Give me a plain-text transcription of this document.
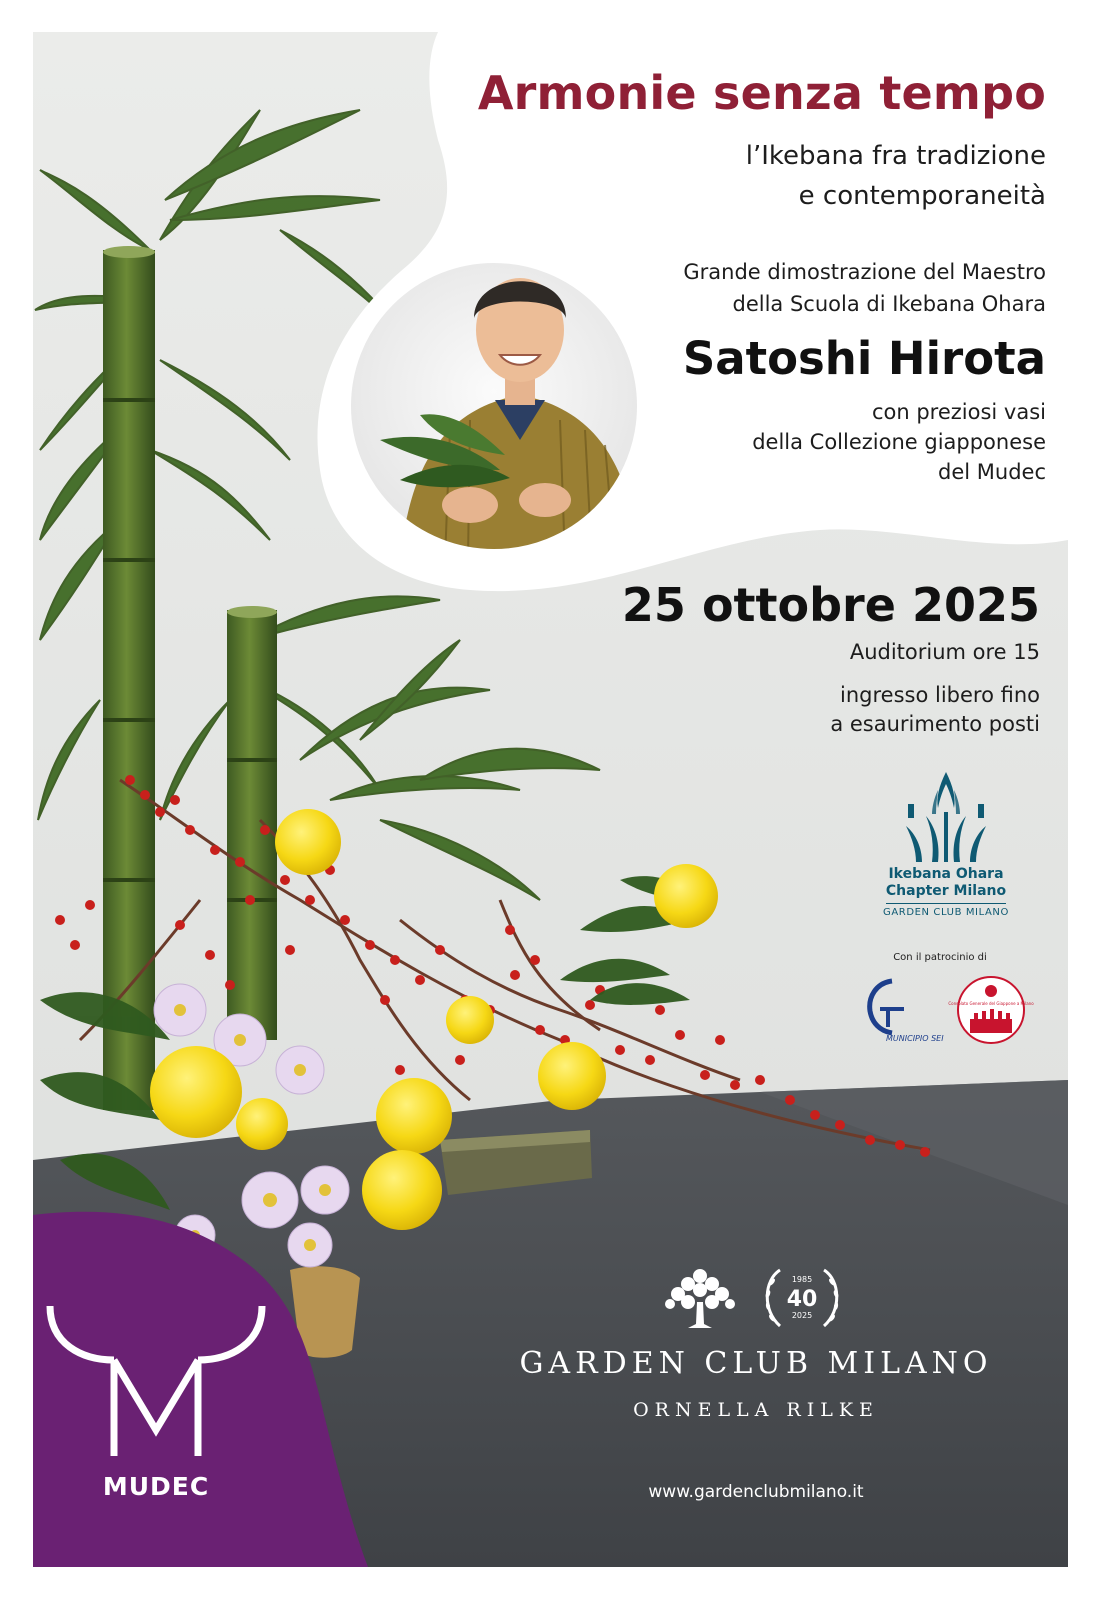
Armonie senza tempo

l’Ikebana fra tradizione

e contemporaneità

Grande dimostrazione del Maestro

della Scuola di Ikebana Ohara

Satoshi Hirota

con preziosi vasi

della Collezione giapponese

del Mudec

25 ottobre 2025

Auditorium ore 15

ingresso libero fino

a esaurimento posti

Ikebana Ohara

Chapter Milano

GARDEN CLUB MILANO

Con il patrocinio di

MUNICIPIO SEI
Consolato Generale del Giappone a Milano
1985
40
2025

GARDEN CLUB MILANO

ORNELLA RILKE

www.gardenclubmilano.it

MUDEC
